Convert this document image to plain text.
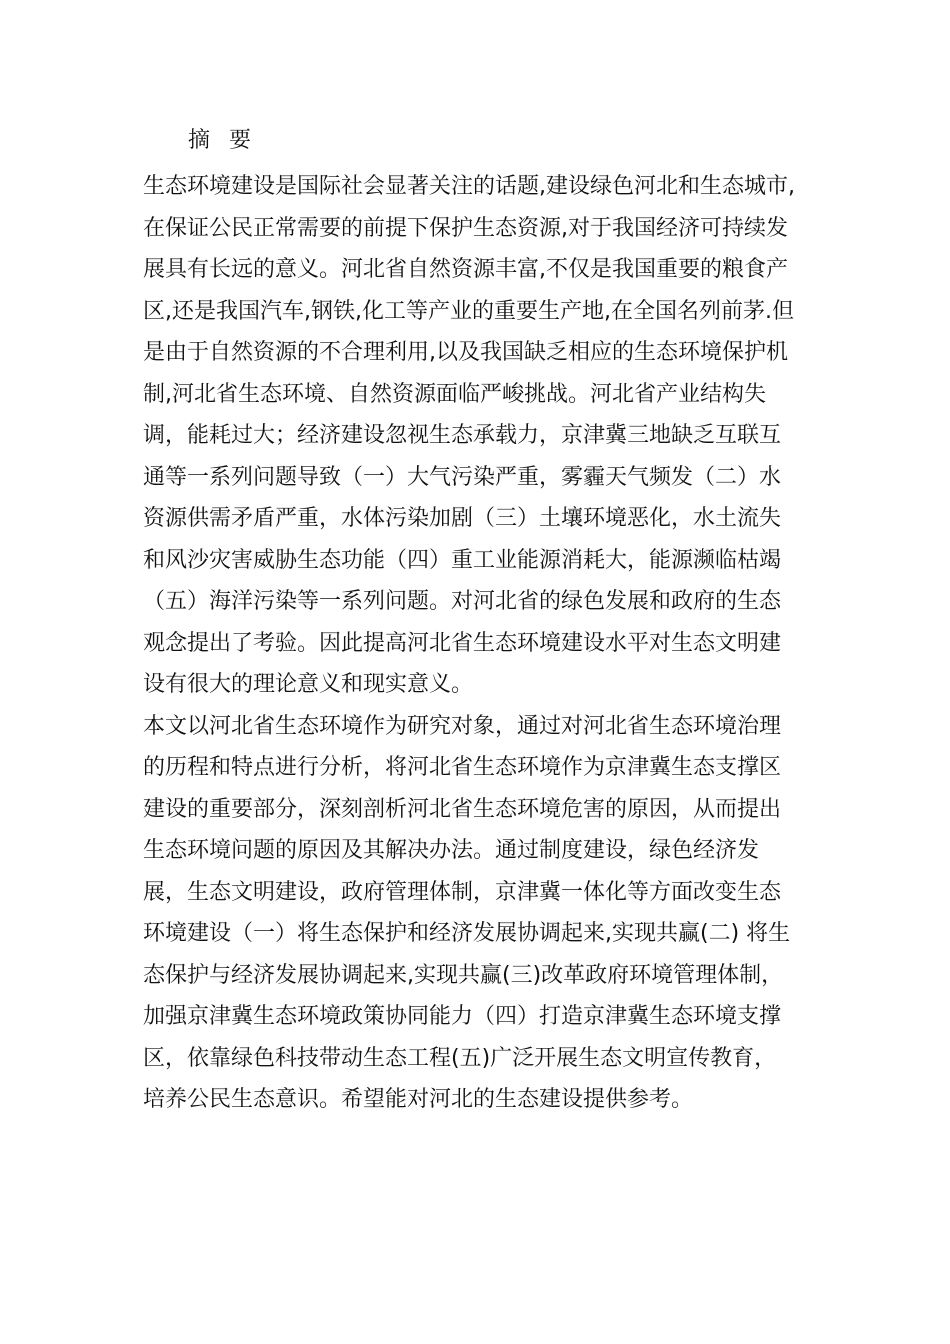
摘 要
生态环境建设是国际社会显著关注的话题,建设绿色河北和生态城市,
在保证公民正常需要的前提下保护生态资源,对于我国经济可持续发
展具有长远的意义。河北省自然资源丰富,不仅是我国重要的粮食产
区,还是我国汽车,钢铁,化工等产业的重要生产地,在全国名列前茅.但
是由于自然资源的不合理利用,以及我国缺乏相应的生态环境保护机
制,河北省生态环境、自然资源面临严峻挑战。河北省产业结构失
调，能耗过大；经济建设忽视生态承载力，京津冀三地缺乏互联互
通等一系列问题导致（一）大气污染严重，雾霾天气频发（二）水
资源供需矛盾严重，水体污染加剧（三）土壤环境恶化，水土流失
和风沙灾害威胁生态功能（四）重工业能源消耗大，能源濒临枯竭
（五）海洋污染等一系列问题。对河北省的绿色发展和政府的生态
观念提出了考验。因此提高河北省生态环境建设水平对生态文明建
设有很大的理论意义和现实意义。
本文以河北省生态环境作为研究对象，通过对河北省生态环境治理
的历程和特点进行分析，将河北省生态环境作为京津冀生态支撑区
建设的重要部分，深刻剖析河北省生态环境危害的原因，从而提出
生态环境问题的原因及其解决办法。通过制度建设，绿色经济发
展，生态文明建设，政府管理体制，京津冀一体化等方面改变生态
环境建设（一）将生态保护和经济发展协调起来,实现共赢(二) 将生
态保护与经济发展协调起来,实现共赢(三)改革政府环境管理体制，
加强京津冀生态环境政策协同能力（四）打造京津冀生态环境支撑
区，依靠绿色科技带动生态工程(五)广泛开展生态文明宣传教育，
培养公民生态意识。希望能对河北的生态建设提供参考。
